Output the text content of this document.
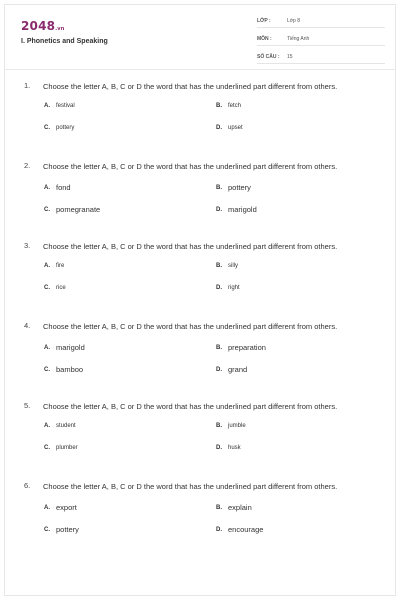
2048.vn
I. Phonetics and Speaking
LỚP :	Lớp 8
MÔN :	Tiếng Anh
SỐ CÂU :	15
1.	Choose the letter A, B, C or D the word that has the underlined part different from others.
A. festival	B. fetch
C. pottery	D. upset
2.	Choose the letter A, B, C or D the word that has the underlined part different from others.
A. fond	B. pottery
C. pomegranate	D. marigold
3.	Choose the letter A, B, C or D the word that has the underlined part different from others.
A. fire	B. silly
C. rice	D. right
4.	Choose the letter A, B, C or D the word that has the underlined part different from others.
A. marigold	B. preparation
C. bamboo	D. grand
5.	Choose the letter A, B, C or D the word that has the underlined part different from others.
A. student	B. jumble
C. plumber	D. husk
6.	Choose the letter A, B, C or D the word that has the underlined part different from others.
A. export	B. explain
C. pottery	D. encourage
